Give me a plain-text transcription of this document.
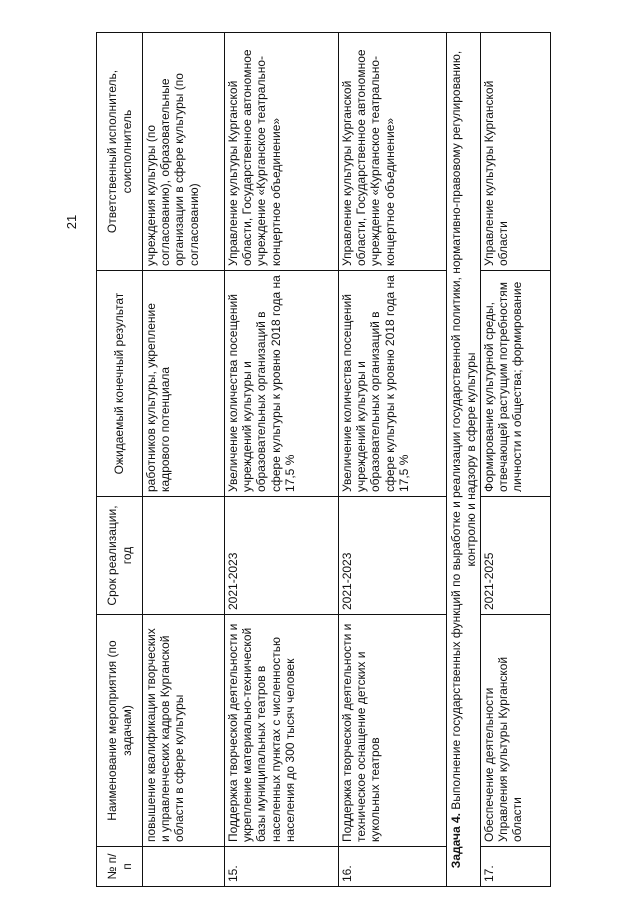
21
№ п/п	Наименование мероприятия (по задачам)	Срок реализации, год	Ожидаемый конечный результат	Ответственный исполнитель, соисполнитель
	повышение квалификации творческих и управленческих кадров Курганской области в сфере культуры		работников культуры, укрепление кадрового потенциала	учреждения культуры (по согласованию), образовательные организации в сфере культуры (по согласованию)
15.	Поддержка творческой деятельности и укрепление материально-технической базы муниципальных театров в населенных пунктах с численностью населения до 300 тысяч человек	2021-2023	Увеличение количества посещений учреждений культуры и образовательных организаций в сфере культуры к уровню 2018 года на 17,5 %	Управление культуры Курганской области, Государственное автономное учреждение «Курганское театрально-концертное объединение»
16.	Поддержка творческой деятельности и техническое оснащение детских и кукольных театров	2021-2023	Увеличение количества посещений учреждений культуры и образовательных организаций в сфере культуры к уровню 2018 года на 17,5 %	Управление культуры Курганской области, Государственное автономное учреждение «Курганское театрально-концертное объединение»
Задача 4. Выполнение государственных функций по выработке и реализации государственной политики, нормативно-правовому регулированию, контролю и надзору в сфере культуры				
17.	Обеспечение деятельности Управления культуры Курганской области	2021-2025	Формирование культурной среды, отвечающей растущим потребностям личности и общества; формирование	Управление культуры Курганской области
